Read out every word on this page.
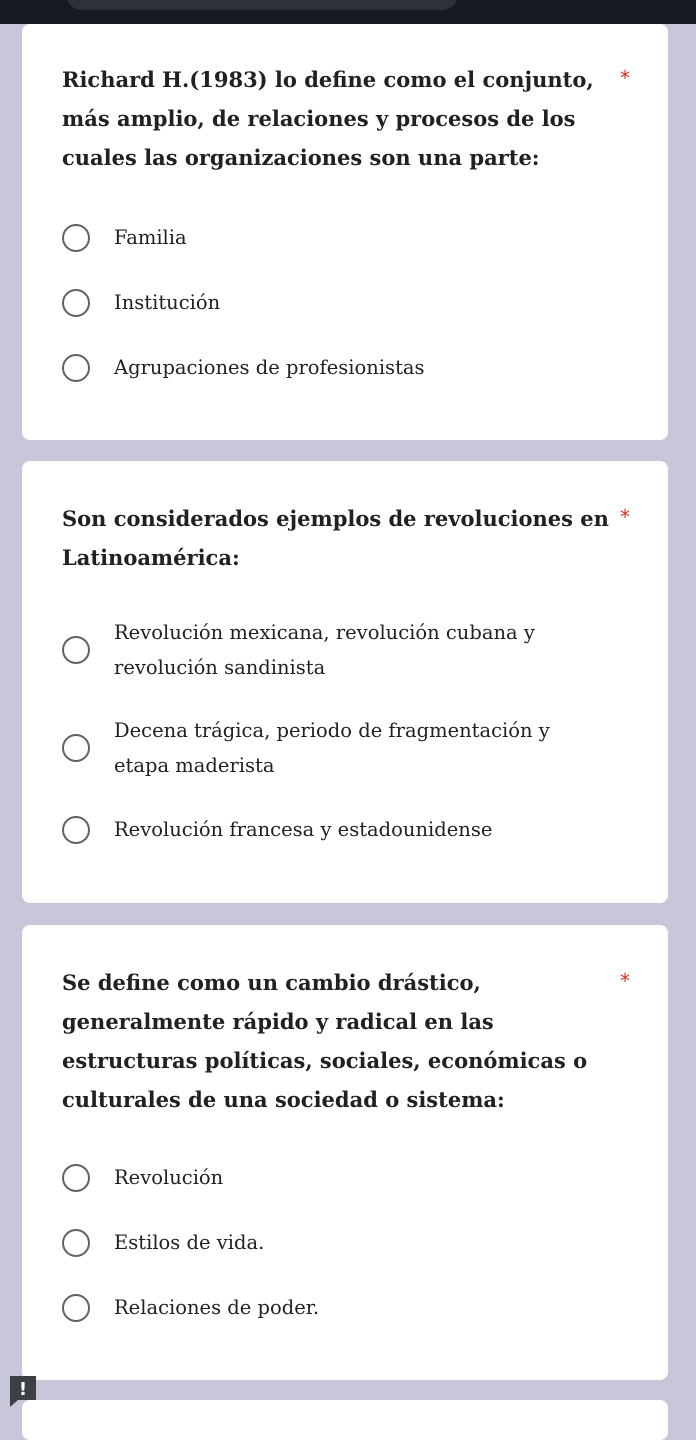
Richard H.(1983) lo define como el conjunto, más amplio, de relaciones y procesos de los cuales las organizaciones son una parte:

*
Familia
Institución
Agrupaciones de profesionistas

Son considerados ejemplos de revoluciones en Latinoamérica:

*
Revolución mexicana, revolución cubana y revolución sandinista
Decena trágica, periodo de fragmentación y etapa maderista
Revolución francesa y estadounidense

Se define como un cambio drástico, generalmente rápido y radical en las estructuras políticas, sociales, económicas o culturales de una sociedad o sistema:

*
Revolución
Estilos de vida.
Relaciones de poder.
!
